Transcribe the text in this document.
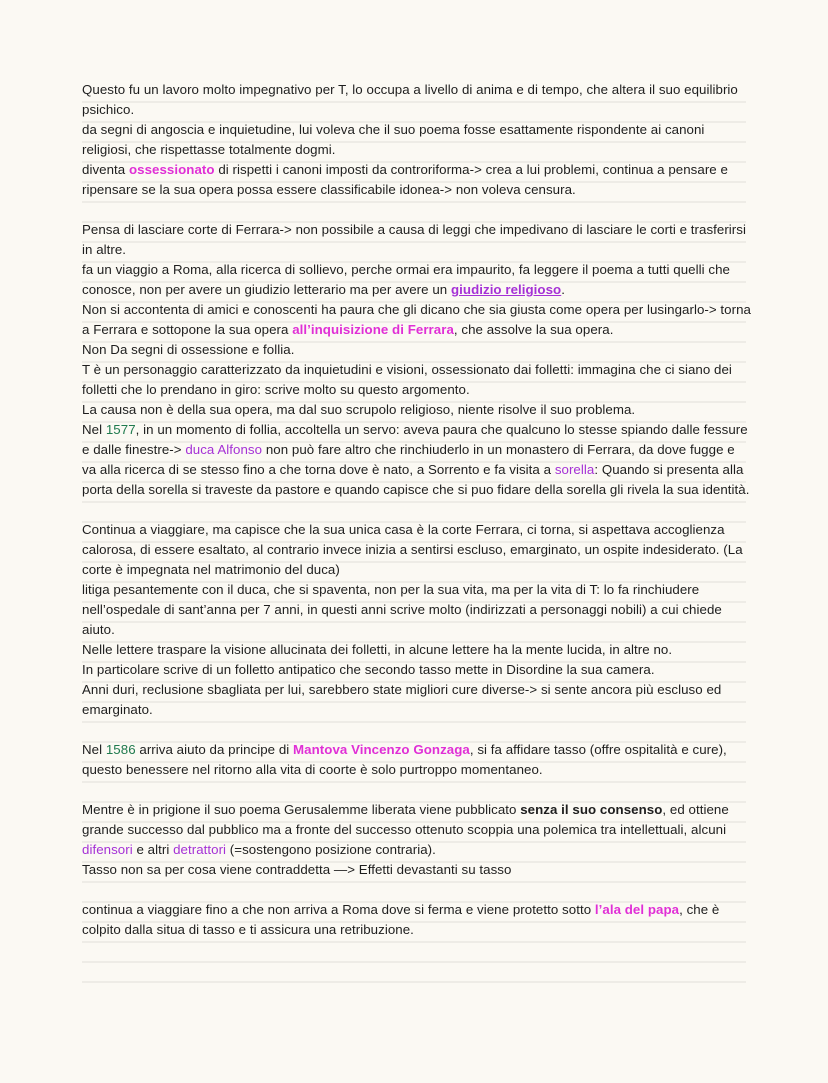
Questo fu un lavoro molto impegnativo per T, lo occupa a livello di anima e di tempo, che altera il suo equilibrio psichico.
da segni di angoscia e inquietudine, lui voleva che il suo poema fosse esattamente rispondente ai canoni religiosi, che rispettasse totalmente dogmi.
diventa ossessionato di rispetti i canoni imposti da controriforma-> crea a lui problemi, continua a pensare e ripensare se la sua opera possa essere classificabile idonea-> non voleva censura.

Pensa di lasciare corte di Ferrara-> non possibile a causa di leggi che impedivano di lasciare le corti e trasferirsi in altre.
fa un viaggio a Roma, alla ricerca di sollievo, perche ormai era impaurito, fa leggere il poema a tutti quelli che conosce, non per avere un giudizio letterario ma per avere un giudizio religioso.
Non si accontenta di amici e conoscenti ha paura che gli dicano che sia giusta come opera per lusingarlo-> torna a Ferrara e sottopone la sua opera all’inquisizione di Ferrara, che assolve la sua opera.
Non Da segni di ossessione e follia.
T è un personaggio caratterizzato da inquietudini e visioni, ossessionato dai folletti: immagina che ci siano dei folletti che lo prendano in giro: scrive molto su questo argomento.
La causa non è della sua opera, ma dal suo scrupolo religioso, niente risolve il suo problema.
Nel 1577, in un momento di follia, accoltella un servo: aveva paura che qualcuno lo stesse spiando dalle fessure e dalle finestre-> duca Alfonso non può fare altro che rinchiuderlo in un monastero di Ferrara, da dove fugge e va alla ricerca di se stesso fino a che torna dove è nato, a Sorrento e fa visita a sorella: Quando si presenta alla porta della sorella si traveste da pastore e quando capisce che si puo fidare della sorella gli rivela la sua identità.

Continua a viaggiare, ma capisce che la sua unica casa è la corte Ferrara, ci torna, si aspettava accoglienza calorosa, di essere esaltato, al contrario invece inizia a sentirsi escluso, emarginato, un ospite indesiderato. (La corte è impegnata nel matrimonio del duca)
litiga pesantemente con il duca, che si spaventa, non per la sua vita, ma per la vita di T: lo fa rinchiudere nell’ospedale di sant’anna per 7 anni, in questi anni scrive molto (indirizzati a personaggi nobili) a cui chiede aiuto.
Nelle lettere traspare la visione allucinata dei folletti, in alcune lettere ha la mente lucida, in altre no.
In particolare scrive di un folletto antipatico che secondo tasso mette in Disordine la sua camera.
Anni duri, reclusione sbagliata per lui, sarebbero state migliori cure diverse-> si sente ancora più escluso ed emarginato.

Nel 1586 arriva aiuto da principe di Mantova Vincenzo Gonzaga, si fa affidare tasso (offre ospitalità e cure), questo benessere nel ritorno alla vita di coorte è solo purtroppo momentaneo.

Mentre è in prigione il suo poema Gerusalemme liberata viene pubblicato senza il suo consenso, ed ottiene grande successo dal pubblico ma a fronte del successo ottenuto scoppia una polemica tra intellettuali, alcuni difensori e altri detrattori (=sostengono posizione contraria).
Tasso non sa per cosa viene contraddetta —> Effetti devastanti su tasso

continua a viaggiare fino a che non arriva a Roma dove si ferma e viene protetto sotto l’ala del papa, che è colpito dalla situa di tasso e ti assicura una retribuzione.
